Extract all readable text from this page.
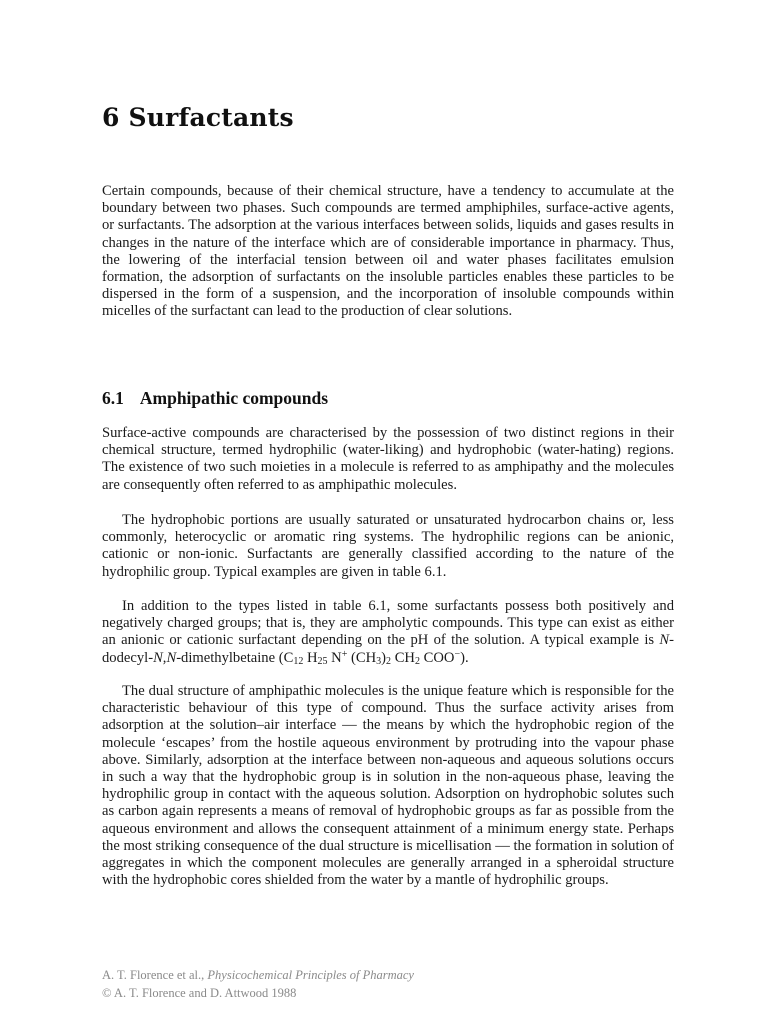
6 Surfactants

Certain compounds, because of their chemical structure, have a tendency to accumulate at the boundary between two phases. Such compounds are termed amphiphiles, surface-active agents, or surfactants. The adsorption at the various interfaces between solids, liquids and gases results in changes in the nature of the interface which are of considerable importance in pharmacy. Thus, the lowering of the interfacial tension between oil and water phases facilitates emulsion formation, the adsorption of surfactants on the insoluble particles enables these particles to be dispersed in the form of a suspension, and the incorporation of insoluble compounds within micelles of the surfactant can lead to the production of clear solutions.

6.1 Amphipathic compounds

Surface-active compounds are characterised by the possession of two distinct regions in their chemical structure, termed hydrophilic (water-liking) and hydrophobic (water-hating) regions. The existence of two such moieties in a molecule is referred to as amphipathy and the molecules are consequently often referred to as amphipathic molecules.

The hydrophobic portions are usually saturated or unsaturated hydrocarbon chains or, less commonly, heterocyclic or aromatic ring systems. The hydrophilic regions can be anionic, cationic or non-ionic. Surfactants are generally classified according to the nature of the hydrophilic group. Typical examples are given in table 6.1.

In addition to the types listed in table 6.1, some surfactants possess both positively and negatively charged groups; that is, they are ampholytic compounds. This type can exist as either an anionic or cationic surfactant depending on the pH of the solution. A typical example is N-dodecyl-N,N-dimethylbetaine ($C_{12}$ $H_{25}$ N+ $(CH_3)_2$ $CH_2$ COO−).

The dual structure of amphipathic molecules is the unique feature which is responsible for the characteristic behaviour of this type of compound. Thus the surface activity arises from adsorption at the solution–air interface — the means by which the hydrophobic region of the molecule ‘escapes’ from the hostile aqueous environment by protruding into the vapour phase above. Similarly, adsorption at the interface between non-aqueous and aqueous solutions occurs in such a way that the hydrophobic group is in solution in the non-aqueous phase, leaving the hydrophilic group in contact with the aqueous solution. Adsorption on hydrophobic solutes such as carbon again represents a means of removal of hydrophobic groups as far as possible from the aqueous environment and allows the consequent attainment of a minimum energy state. Perhaps the most striking consequence of the dual structure is micellisation — the formation in solution of aggregates in which the component molecules are generally arranged in a spheroidal structure with the hydrophobic cores shielded from the water by a mantle of hydrophilic groups.

A. T. Florence et al., Physicochemical Principles of Pharmacy
© A. T. Florence and D. Attwood 1988
